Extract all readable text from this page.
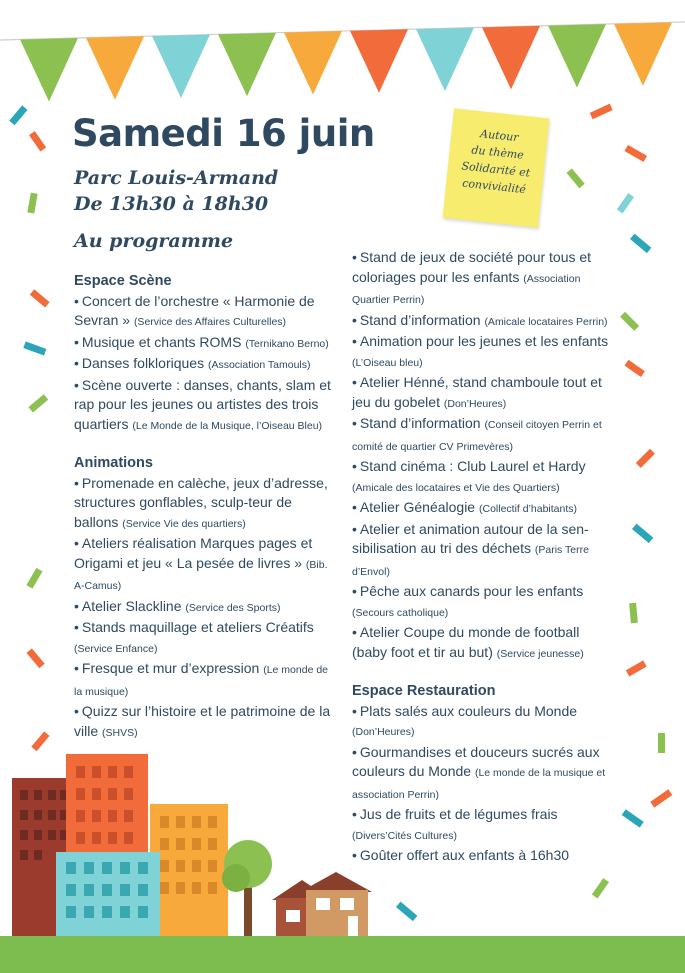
Samedi 16 juin
Parc Louis-Armand
De 13h30 à 18h30
Au programme
Autour
du thème
Solidarité et
convivialité

Espace Scène

• Concert de l’orchestre « Harmonie de Sevran » (Service des Affaires Culturelles)

• Musique et chants ROMS (Ternikano Berno)

• Danses folkloriques (Association Tamouls)

• Scène ouverte : danses, chants, slam et rap pour les jeunes ou artistes des trois quartiers (Le Monde de la Musique, l’Oiseau Bleu)

Animations

• Promenade en calèche, jeux d’adresse, structures gonflables, sculp-teur de ballons (Service Vie des quartiers)

• Ateliers réalisation Marques pages et Origami et jeu « La pesée de livres » (Bib. A-Camus)

• Atelier Slackline (Service des Sports)

• Stands maquillage et ateliers Créatifs (Service Enfance)

• Fresque et mur d’expression (Le monde de la musique)

• Quizz sur l’histoire et le patrimoine de la ville (SHVS)

• Stand de jeux de société pour tous et coloriages pour les enfants (Association Quartier Perrin)

• Stand d’information (Amicale locataires Perrin)

• Animation pour les jeunes et les enfants (L’Oiseau bleu)

• Atelier Hénné, stand chamboule tout et jeu du gobelet (Don’Heures)

• Stand d’information (Conseil citoyen Perrin et comité de quartier CV Primevères)

• Stand cinéma : Club Laurel et Hardy (Amicale des locataires et Vie des Quartiers)

• Atelier Généalogie (Collectif d’habitants)

• Atelier et animation autour de la sen-sibilisation au tri des déchets (Paris Terre d’Envol)

• Pêche aux canards pour les enfants (Secours catholique)

• Atelier Coupe du monde de football (baby foot et tir au but) (Service jeunesse)

Espace Restauration

• Plats salés aux couleurs du Monde (Don’Heures)

• Gourmandises et douceurs sucrés aux couleurs du Monde (Le monde de la musique et association Perrin)

• Jus de fruits et de légumes frais (Divers’Cités Cultures)

• Goûter offert aux enfants à 16h30
